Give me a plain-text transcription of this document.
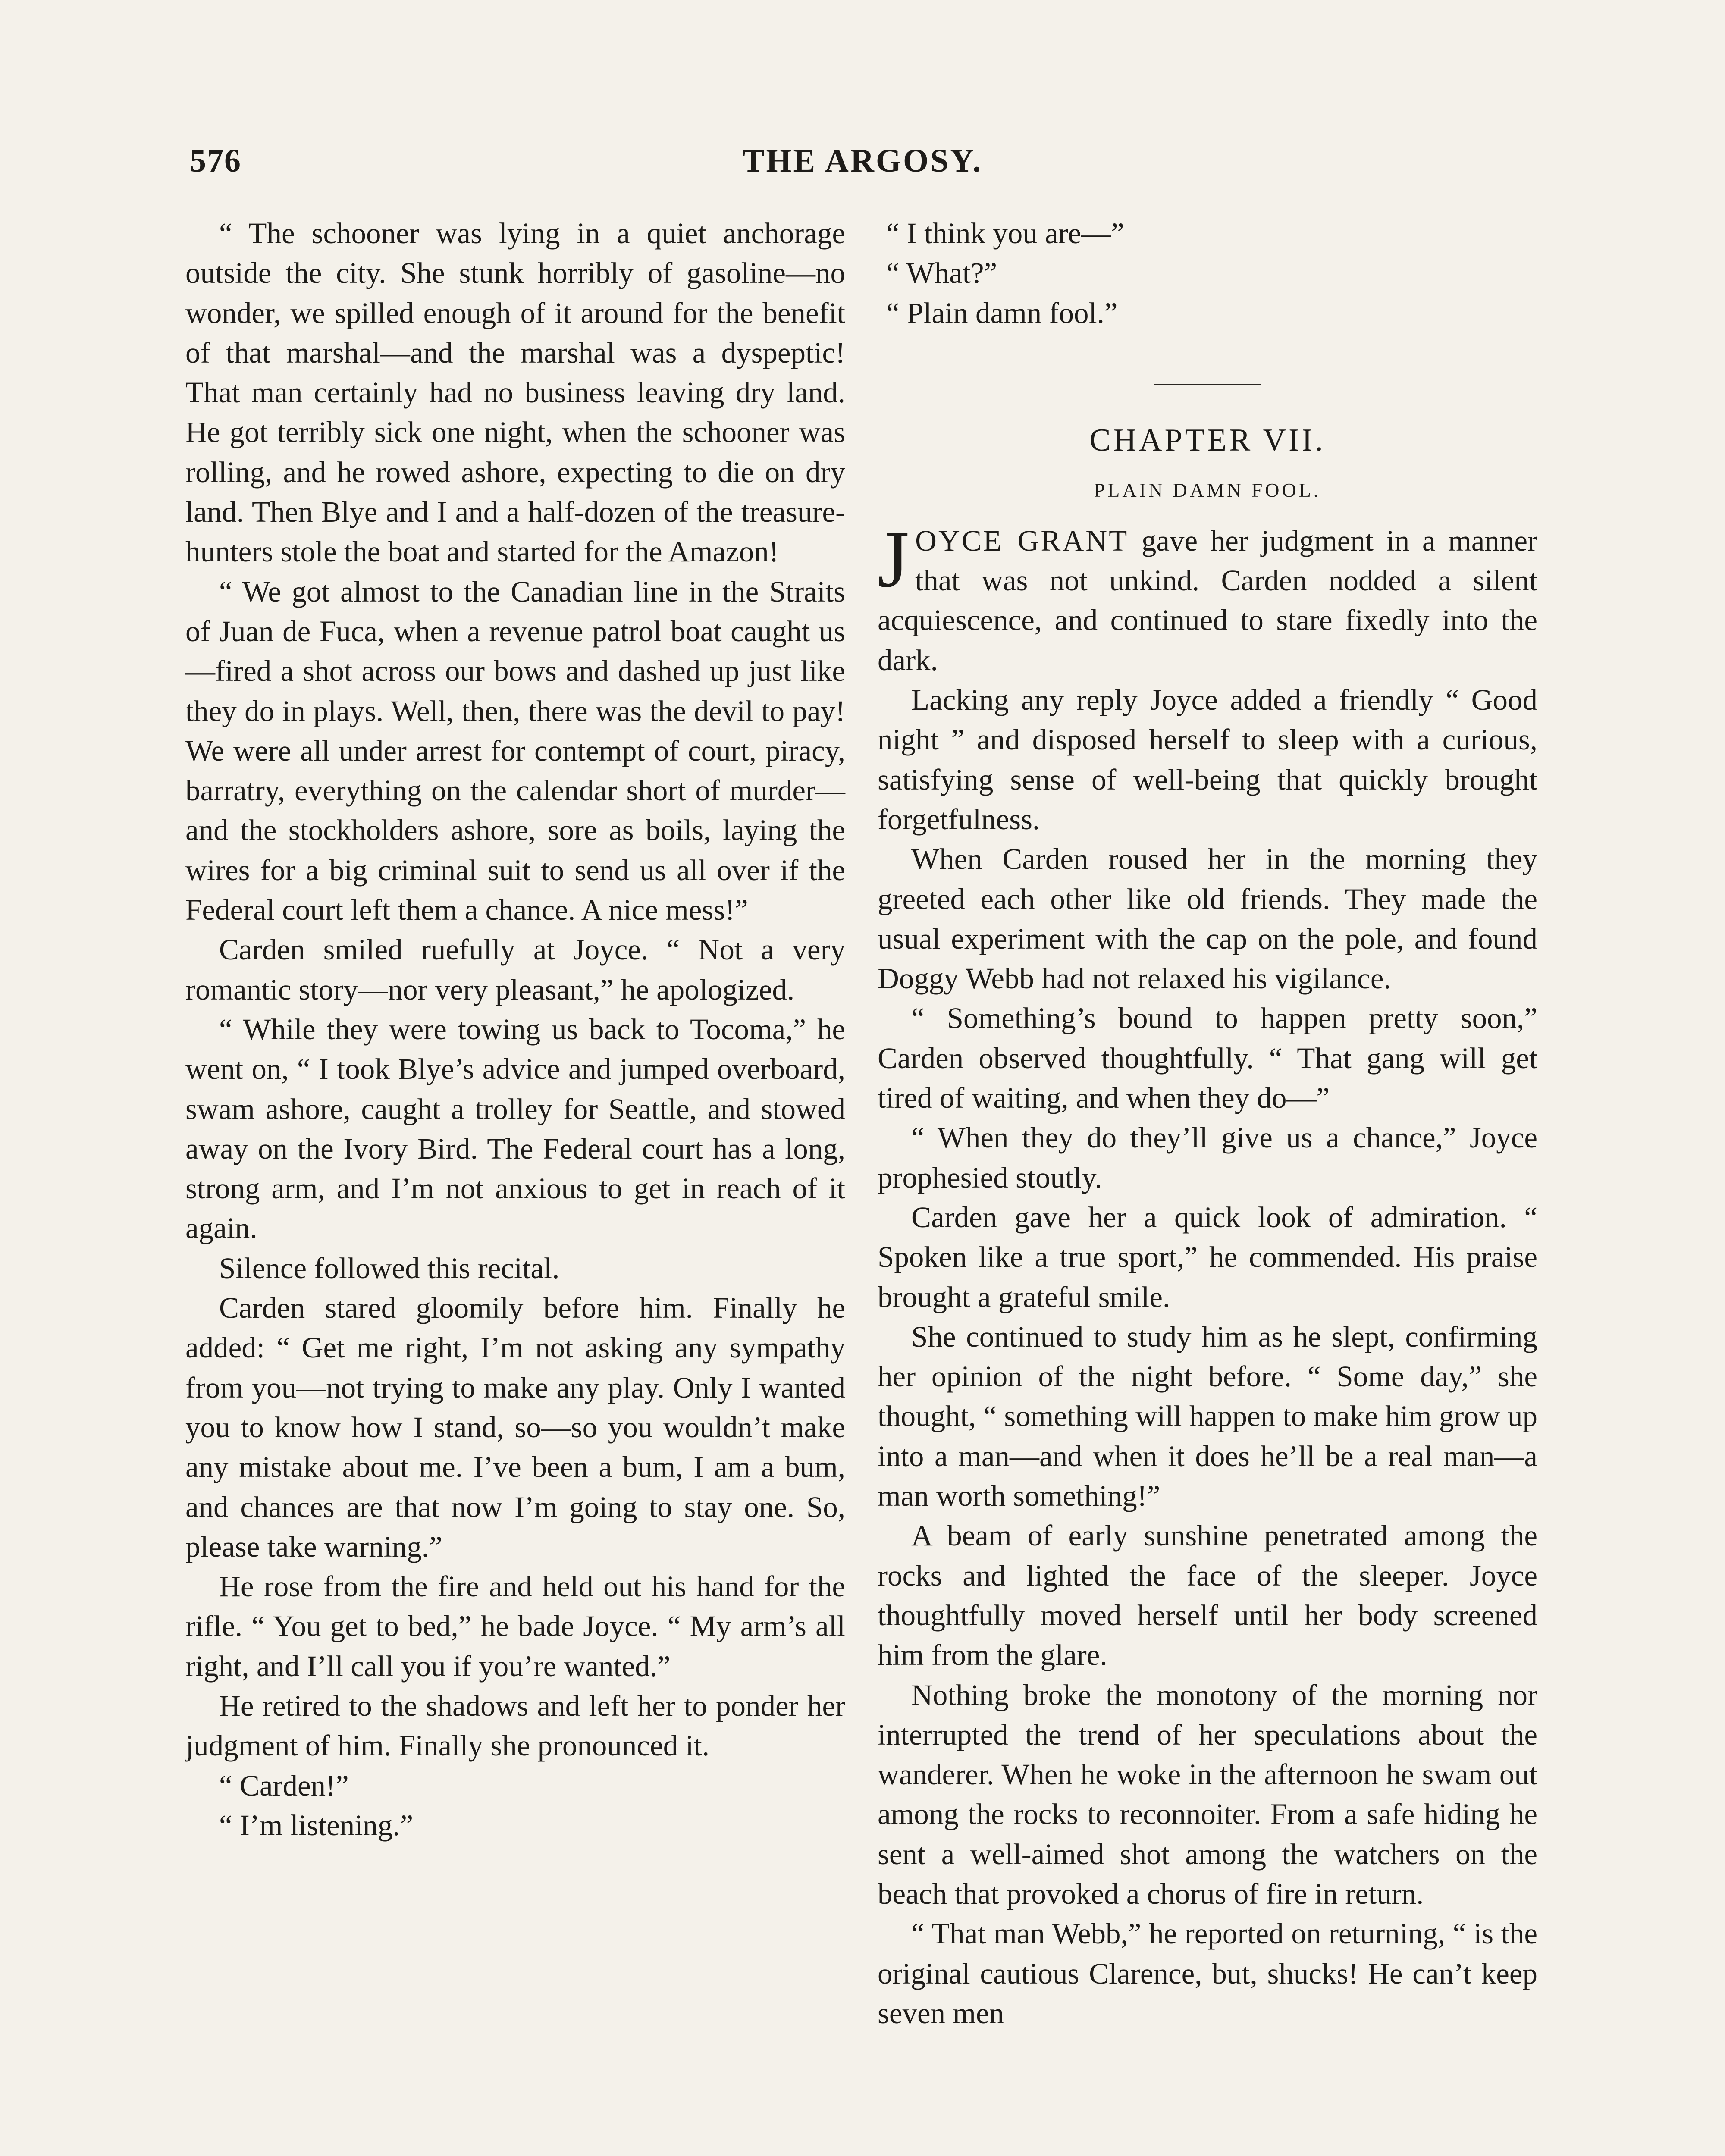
576	THE ARGOSY.

“ The schooner was lying in a quiet anchorage outside the city. She stunk horribly of gasoline—no wonder, we spilled enough of it around for the benefit of that marshal—and the marshal was a dyspeptic! That man certainly had no business leaving dry land. He got terribly sick one night, when the schooner was rolling, and he rowed ashore, expecting to die on dry land. Then Blye and I and a half-dozen of the treasure-hunters stole the boat and started for the Amazon!

“ We got almost to the Canadian line in the Straits of Juan de Fuca, when a revenue patrol boat caught us—fired a shot across our bows and dashed up just like they do in plays. Well, then, there was the devil to pay! We were all under arrest for contempt of court, piracy, barratry, everything on the calendar short of murder—and the stockholders ashore, sore as boils, laying the wires for a big criminal suit to send us all over if the Federal court left them a chance. A nice mess!”

Carden smiled ruefully at Joyce. “ Not a very romantic story—nor very pleasant,” he apologized.

“ While they were towing us back to Tocoma,” he went on, “ I took Blye’s advice and jumped overboard, swam ashore, caught a trolley for Seattle, and stowed away on the Ivory Bird. The Federal court has a long, strong arm, and I’m not anxious to get in reach of it again.

Silence followed this recital.

Carden stared gloomily before him. Finally he added: “ Get me right, I’m not asking any sympathy from you—not trying to make any play. Only I wanted you to know how I stand, so—so you wouldn’t make any mistake about me. I’ve been a bum, I am a bum, and chances are that now I’m going to stay one. So, please take warning.”

He rose from the fire and held out his hand for the rifle. “ You get to bed,” he bade Joyce. “ My arm’s all right, and I’ll call you if you’re wanted.”

He retired to the shadows and left her to ponder her judgment of him. Finally she pronounced it.

“ Carden!”

“ I’m listening.”

“ I think you are—”

“ What?”

“ Plain damn fool.”

CHAPTER VII.
PLAIN DAMN FOOL.

JOYCE GRANT gave her judgment in a manner that was not unkind. Carden nodded a silent acquiescence, and continued to stare fixedly into the dark.

Lacking any reply Joyce added a friendly “ Good night ” and disposed herself to sleep with a curious, satisfying sense of well-being that quickly brought forgetfulness.

When Carden roused her in the morning they greeted each other like old friends. They made the usual experiment with the cap on the pole, and found Doggy Webb had not relaxed his vigilance.

“ Something’s bound to happen pretty soon,” Carden observed thoughtfully. “ That gang will get tired of waiting, and when they do—”

“ When they do they’ll give us a chance,” Joyce prophesied stoutly.

Carden gave her a quick look of admiration. “ Spoken like a true sport,” he commended. His praise brought a grateful smile.

She continued to study him as he slept, confirming her opinion of the night before. “ Some day,” she thought, “ something will happen to make him grow up into a man—and when it does he’ll be a real man—a man worth something!”

A beam of early sunshine penetrated among the rocks and lighted the face of the sleeper. Joyce thoughtfully moved herself until her body screened him from the glare.

Nothing broke the monotony of the morning nor interrupted the trend of her speculations about the wanderer. When he woke in the afternoon he swam out among the rocks to reconnoiter. From a safe hiding he sent a well-aimed shot among the watchers on the beach that provoked a chorus of fire in return.

“ That man Webb,” he reported on returning, “ is the original cautious Clarence, but, shucks! He can’t keep seven men
